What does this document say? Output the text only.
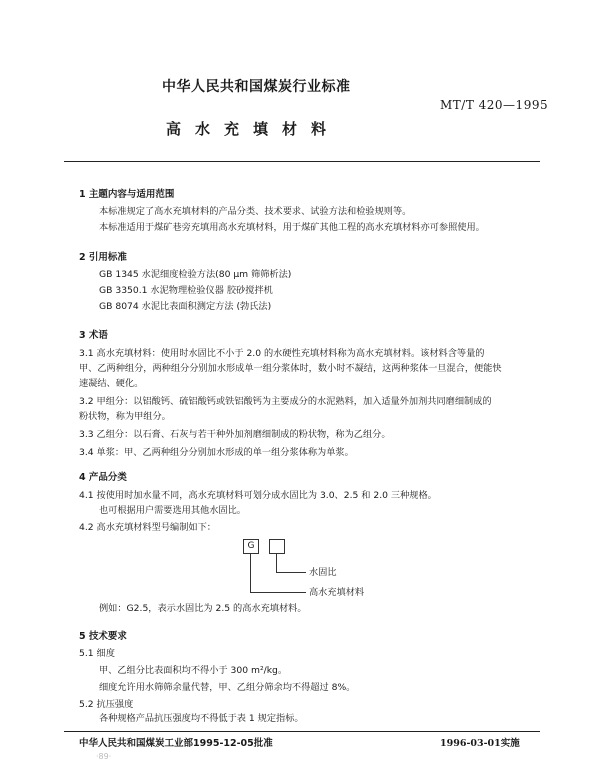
中华人民共和国煤炭行业标准
MT/T 420—1995
高水充填材料
1 主题内容与适用范围
本标准规定了高水充填材料的产品分类、技术要求、试验方法和检验规则等。
本标准适用于煤矿巷旁充填用高水充填材料，用于煤矿其他工程的高水充填材料亦可参照使用。
2 引用标准
GB 1345 水泥细度检验方法(80 μm 筛筛析法)
GB 3350.1 水泥物理检验仪器 胶砂搅拌机
GB 8074 水泥比表面积测定方法 (勃氏法)
3 术语
3.1 高水充填材料：使用时水固比不小于 2.0 的水硬性充填材料称为高水充填材料。该材料含等量的
甲、乙两种组分，两种组分分别加水形成单一组分浆体时，数小时不凝结，这两种浆体一旦混合，便能快
速凝结、硬化。
3.2 甲组分：以铝酸钙、硫铝酸钙或铁铝酸钙为主要成分的水泥熟料，加入适量外加剂共同磨细制成的
粉状物，称为甲组分。
3.3 乙组分：以石膏、石灰与若干种外加剂磨细制成的粉状物，称为乙组分。
3.4 单浆：甲、乙两种组分分别加水形成的单一组分浆体称为单浆。
4 产品分类
4.1 按使用时加水量不同，高水充填材料可划分成水固比为 3.0、2.5 和 2.0 三种规格。
也可根据用户需要选用其他水固比。
4.2 高水充填材料型号编制如下：
G
水固比
高水充填材料
例如：G2.5，表示水固比为 2.5 的高水充填材料。
5 技术要求
5.1 细度
甲、乙组分比表面积均不得小于 300 m²/kg。
细度允许用水筛筛余量代替，甲、乙组分筛余均不得超过 8%。
5.2 抗压强度
各种规格产品抗压强度均不得低于表 1 规定指标。
中华人民共和国煤炭工业部1995-12-05批准	1996-03-01实施
·89·
